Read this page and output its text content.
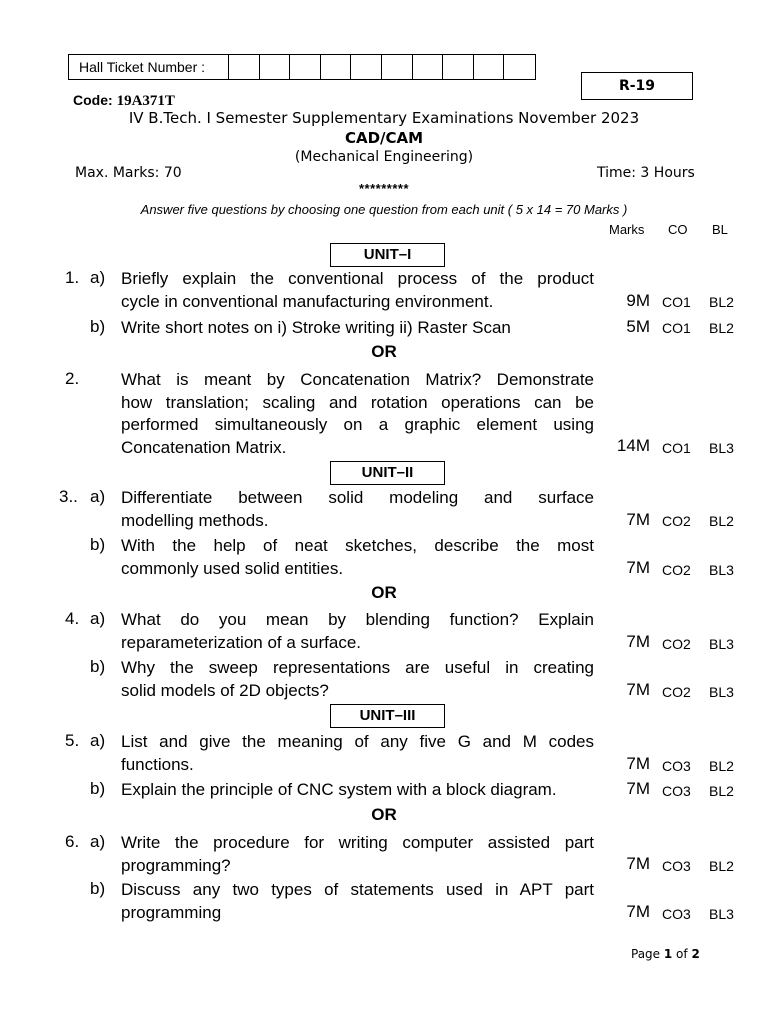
Hall Ticket Number :
R-19
Code: 19A371T
IV B.Tech. I Semester Supplementary Examinations November 2023
CAD/CAM
(Mechanical Engineering)
Max. Marks: 70	Time: 3 Hours
*********
Answer five questions by choosing one question from each unit ( 5 x 14 = 70 Marks )
Marks CO BL
UNIT–I
1. a) Briefly explain the conventional process of the product
cycle in conventional manufacturing environment.	9M CO1 BL2
b) Write short notes on i) Stroke writing ii) Raster Scan	5M CO1 BL2
OR
2. What is meant by Concatenation Matrix? Demonstrate
how translation; scaling and rotation operations can be
performed simultaneously on a graphic element using
Concatenation Matrix.	14M CO1 BL3
UNIT–II
3.. a) Differentiate between solid modeling and surface
modelling methods.	7M CO2 BL2
b) With the help of neat sketches, describe the most
commonly used solid entities.	7M CO2 BL3
OR
4. a) What do you mean by blending function? Explain
reparameterization of a surface.	7M CO2 BL3
b) Why the sweep representations are useful in creating
solid models of 2D objects?	7M CO2 BL3
UNIT–III
5. a) List and give the meaning of any five G and M codes
functions.	7M CO3 BL2
b) Explain the principle of CNC system with a block diagram.	7M CO3 BL2
OR
6. a) Write the procedure for writing computer assisted part
programming?	7M CO3 BL2
b) Discuss any two types of statements used in APT part
programming	7M CO3 BL3
Page 1 of 2
